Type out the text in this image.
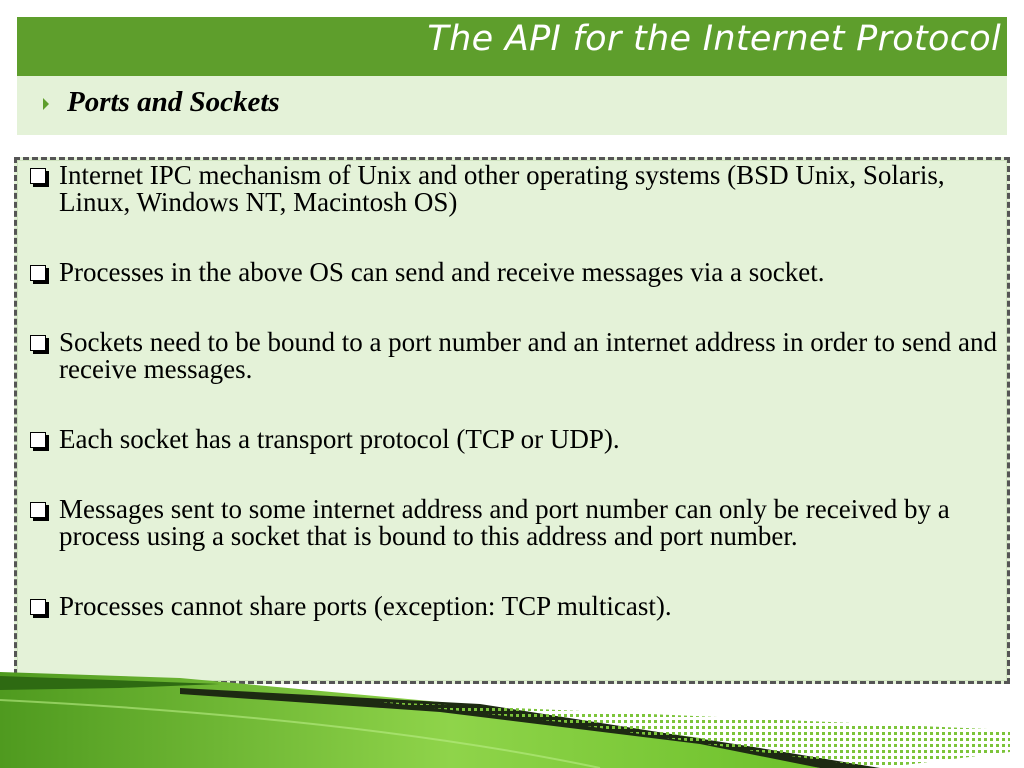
The API for the Internet Protocol
Ports and Sockets
Internet IPC mechanism of Unix and other operating systems (BSD Unix, Solaris, Linux, Windows NT, Macintosh OS)
Processes in the above OS can send and receive messages via a socket.
Sockets need to be bound to a port number and an internet address in order to send and receive messages.
Each socket has a transport protocol (TCP or UDP).
Messages sent to some internet address and port number can only be received by a process using a socket that is bound to this address and port number.
Processes cannot share ports (exception: TCP multicast).
